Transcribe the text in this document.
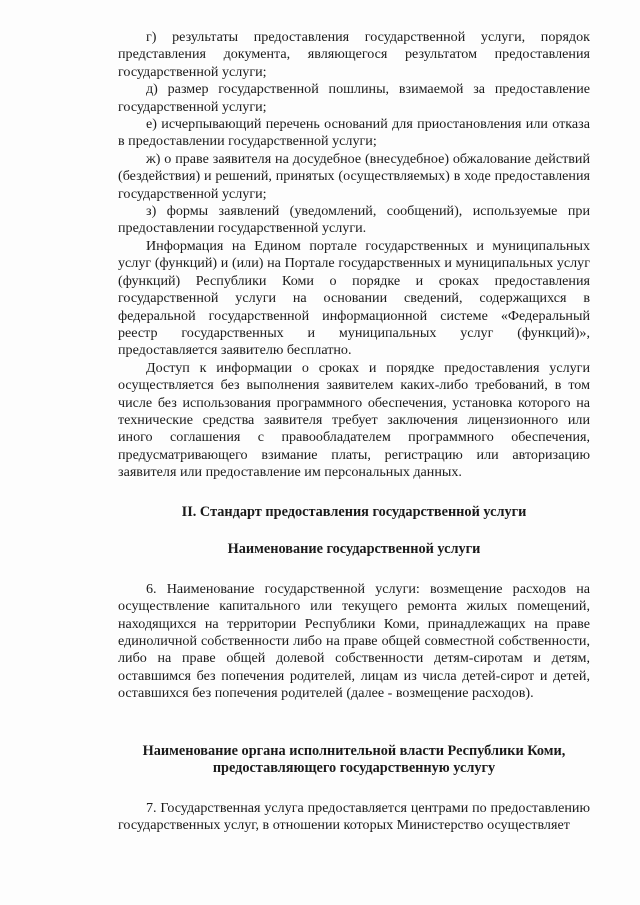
г) результаты предоставления государственной услуги, порядок представления документа, являющегося результатом предоставления государственной услуги;

д) размер государственной пошлины, взимаемой за предоставление государственной услуги;

е) исчерпывающий перечень оснований для приостановления или отказа в предоставлении государственной услуги;

ж) о праве заявителя на досудебное (внесудебное) обжалование действий (бездействия) и решений, принятых (осуществляемых) в ходе предоставления государственной услуги;

з) формы заявлений (уведомлений, сообщений), используемые при предоставлении государственной услуги.

Информация на Едином портале государственных и муниципальных услуг (функций) и (или) на Портале государственных и муниципальных услуг (функций) Республики Коми о порядке и сроках предоставления государственной услуги на основании сведений, содержащихся в федеральной государственной информационной системе «Федеральный реестр государственных и муниципальных услуг (функций)», предоставляется заявителю бесплатно.

Доступ к информации о сроках и порядке предоставления услуги осуществляется без выполнения заявителем каких-либо требований, в том числе без использования программного обеспечения, установка которого на технические средства заявителя требует заключения лицензионного или иного соглашения с правообладателем программного обеспечения, предусматривающего взимание платы, регистрацию или авторизацию заявителя или предоставление им персональных данных.

II. Стандарт предоставления государственной услуги
Наименование государственной услуги

6. Наименование государственной услуги: возмещение расходов на осуществление капитального или текущего ремонта жилых помещений, находящихся на территории Республики Коми, принадлежащих на праве единоличной собственности либо на праве общей совместной собственности, либо на праве общей долевой собственности детям-сиротам и детям, оставшимся без попечения родителей, лицам из числа детей-сирот и детей, оставшихся без попечения родителей (далее - возмещение расходов).

Наименование органа исполнительной власти Республики Коми,
предоставляющего государственную услугу

7. Государственная услуга предоставляется центрами по предоставлению государственных услуг, в отношении которых Министерство осуществляет
